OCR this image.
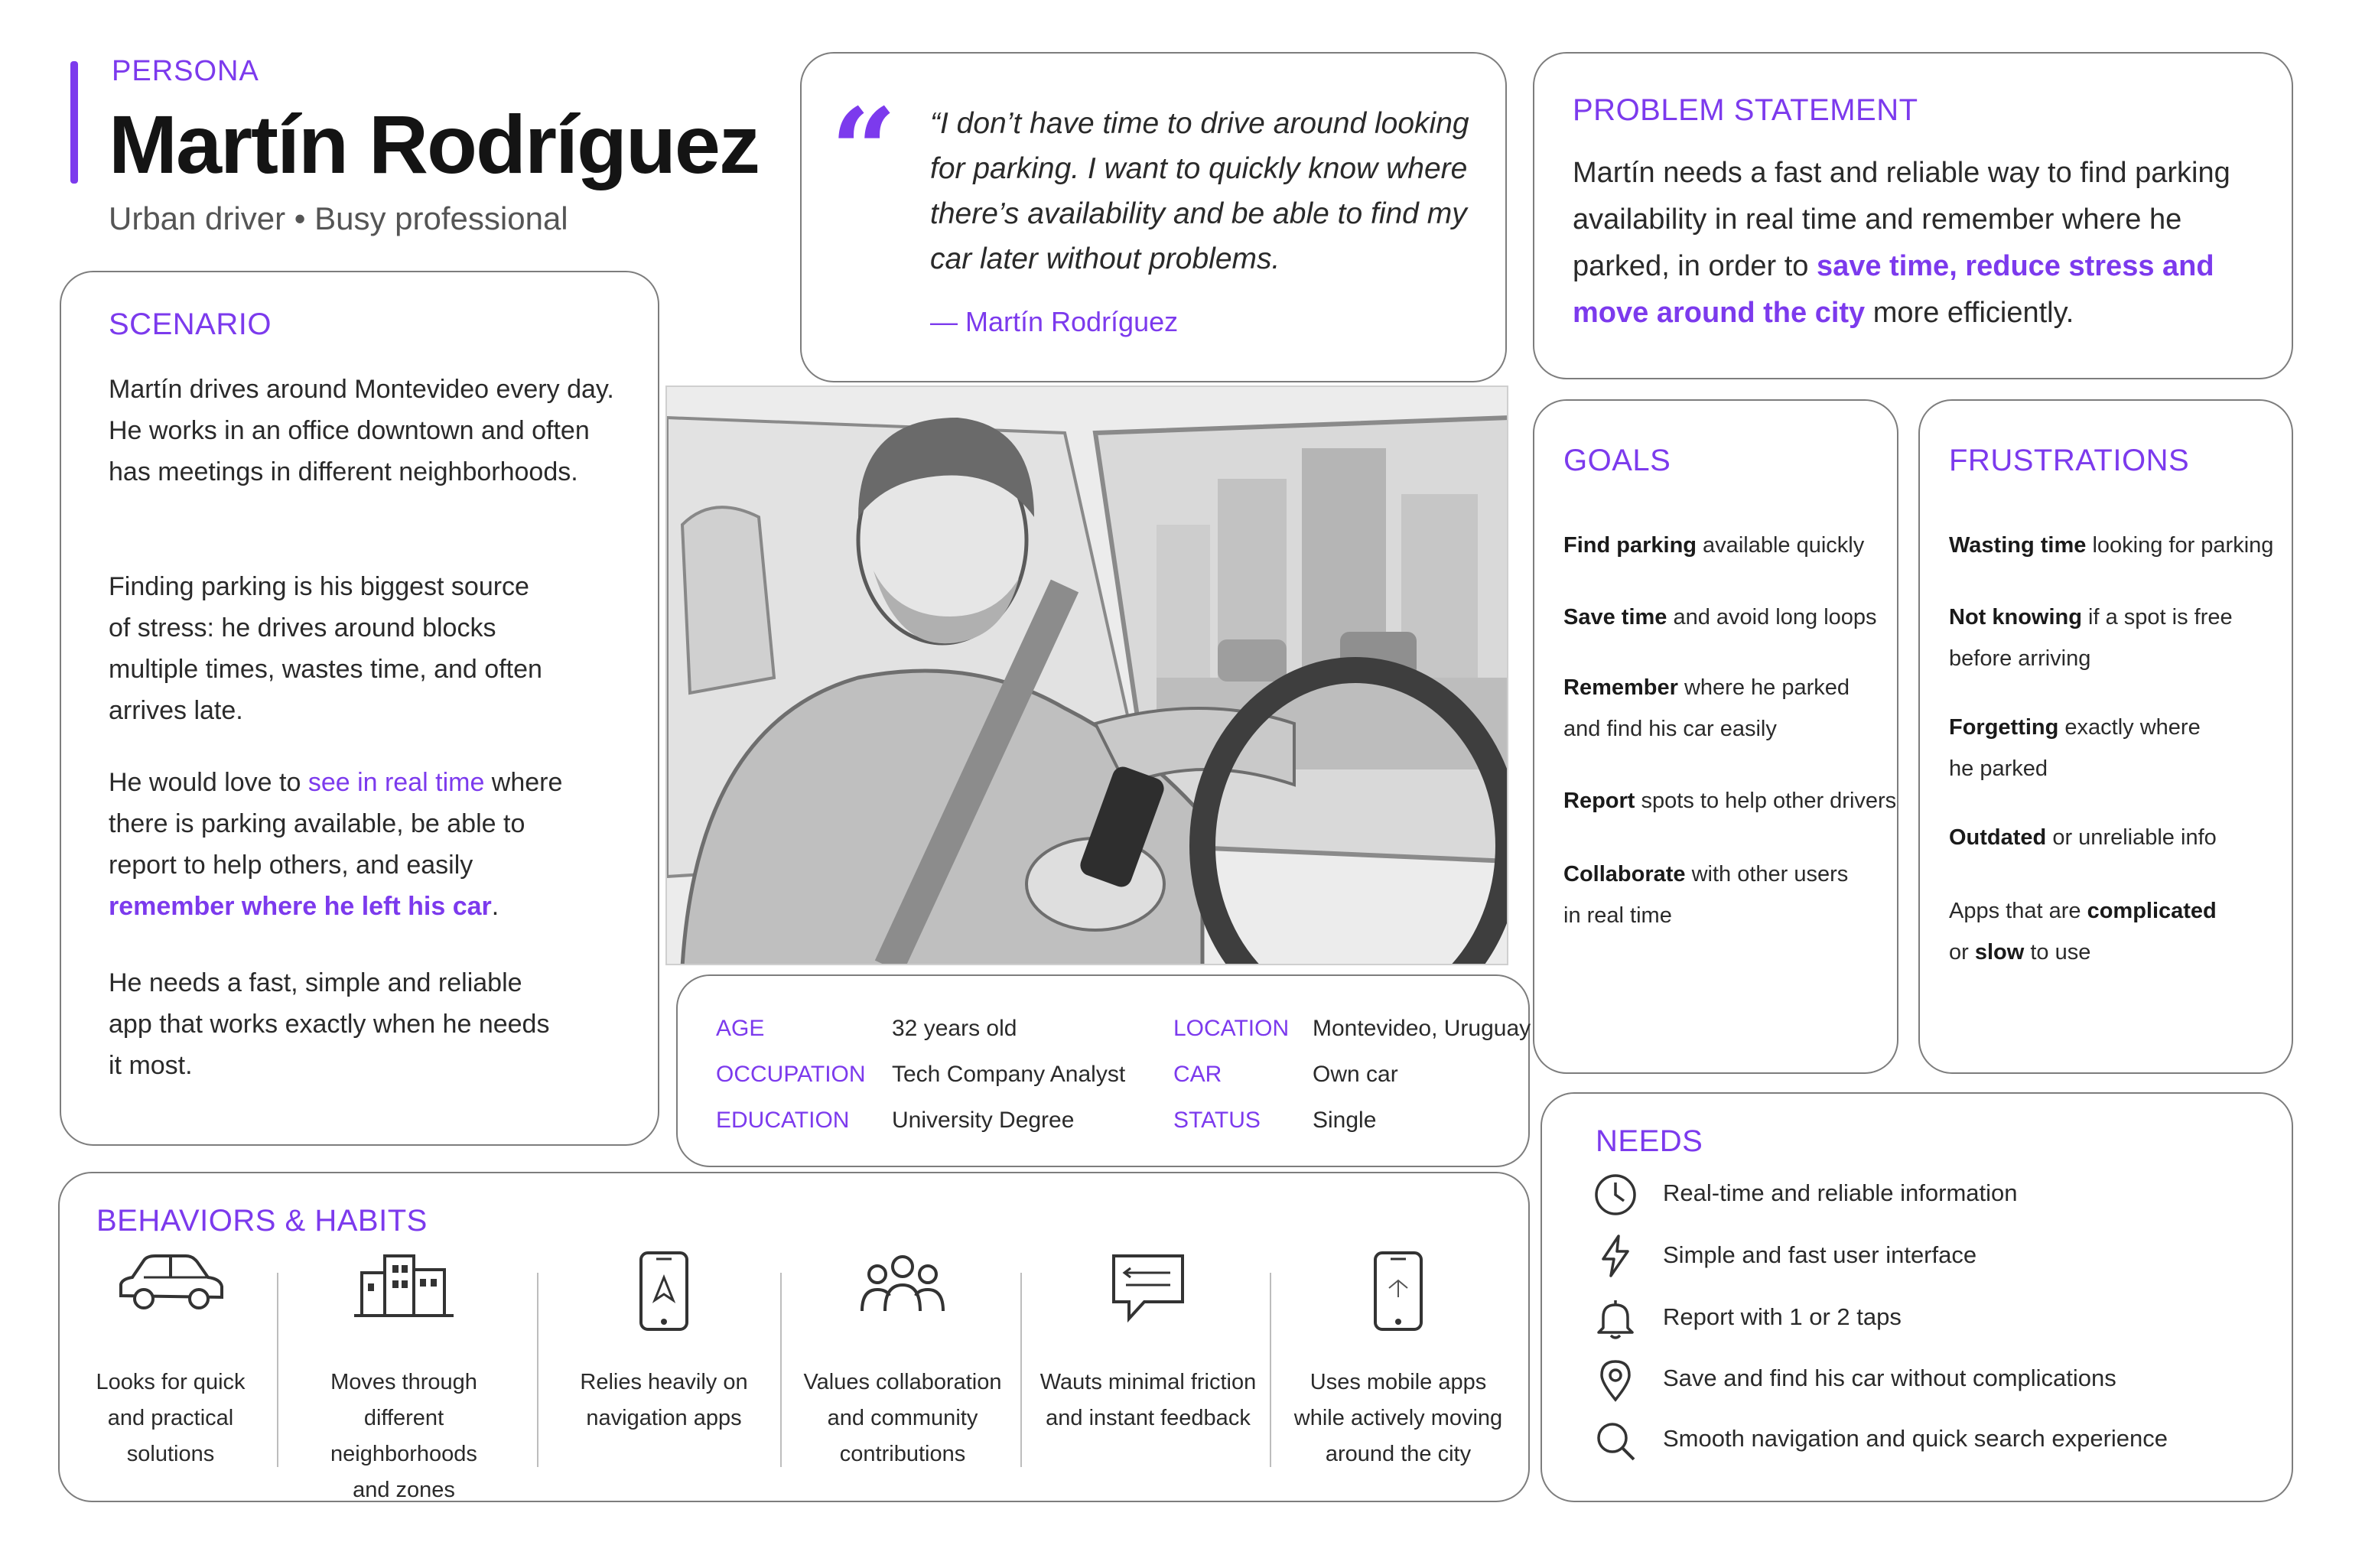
PERSONA
Martín Rodríguez
Urban driver • Busy professional
SCENARIO
Martín drives around Montevideo every day. He works in an office downtown and often has meetings in different neighborhoods.
Finding parking is his biggest source of stress: he drives around blocks multiple times, wastes time, and often arrives late.
He would love to see in real time where there is parking available, be able to report to help others, and easily remember where he left his car.
He needs a fast, simple and reliable app that works exactly when he needs it most.
“ “I don’t have time to drive around looking for parking. I want to quickly know where there’s availability and be able to find my car later without problems.
— Martín Rodríguez
PROBLEM STATEMENT
Martín needs a fast and reliable way to find parking availability in real time and remember where he parked, in order to save time, reduce stress and move around the city more efficiently.
AGE	32 years old
OCCUPATION Tech Company Analyst
EDUCATION University Degree
LOCATION Montevideo, Uruguay
CAR	Own car
STATUS Single
GOALS
Find parking available quickly
Save time and avoid long loops
Remember where he parked and find his car easily
Report spots to help other drivers
Collaborate with other users in real time
FRUSTRATIONS
Wasting time looking for parking
Not knowing if a spot is free before arriving
Forgetting exactly where he parked
Outdated or unreliable info
Apps that are complicated or slow to use
BEHAVIORS & HABITS
Looks for quick
and practical
solutions
Moves through
different neighborhoods
and zones
Relies heavily on
navigation apps

Values collaboration
and community
contributions
Wauts minimal friction
and instant feedback

Uses mobile apps
while actively moving
around the city
NEEDS
Real-time and reliable information
Simple and fast user interface
Report with 1 or 2 taps
Save and find his car without complications
Smooth navigation and quick search experience
